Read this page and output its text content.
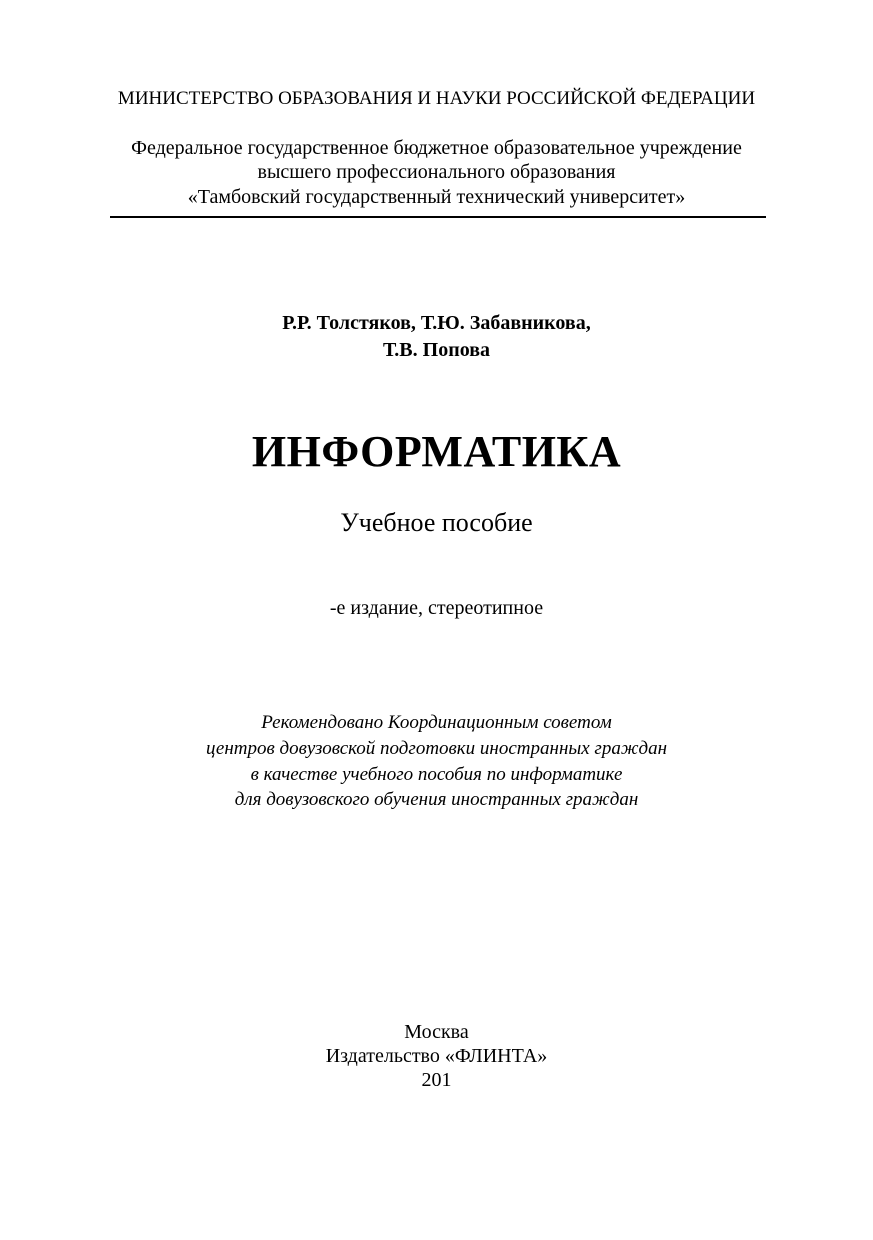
МИНИСТЕРСТВО ОБРАЗОВАНИЯ И НАУКИ РОССИЙСКОЙ ФЕДЕРАЦИИ
Федеральное государственное бюджетное образовательное учреждение
высшего профессионального образования
«Тамбовский государственный технический университет»
Р.Р. Толстяков, Т.Ю. Забавникова,
Т.В. Попова
ИНФОРМАТИКА
Учебное пособие
-е издание, стереотипное
Рекомендовано Координационным советом
центров довузовской подготовки иностранных граждан
в качестве учебного пособия по информатике
для довузовского обучения иностранных граждан
Москва
Издательство «ФЛИНТА»
201
